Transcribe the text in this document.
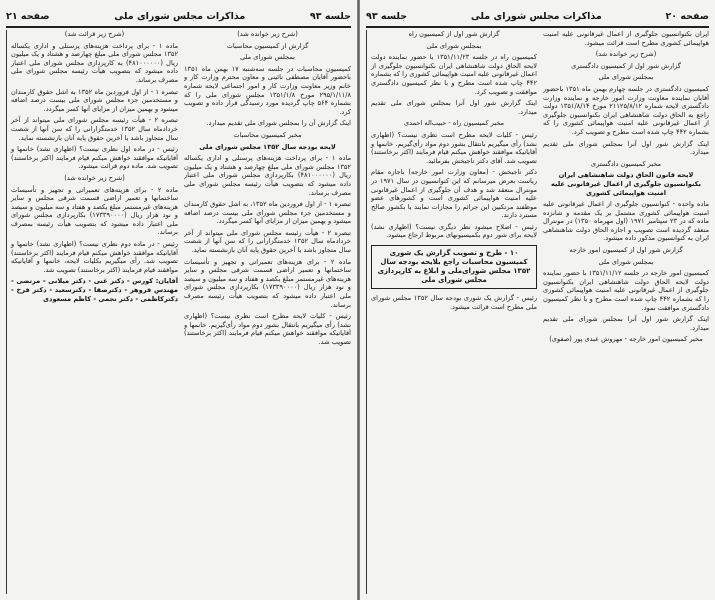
جلسه ۹۳
مذاکرات مجلس شورای ملی
صفحه ۲۱

(شرح زیر خوانده شد)

گزارش از کمیسیون محاسبات

بمجلس شورای ملی

کمیسیون محاسبات در جلسه سه‌شنبه ۱۷ بهمن ماه ۱۳۵۱ باحضور آقایان مصطفی نائینی و معاون محترم وزارت کار و خانم وزیر معاونت وزارت کار و امور اجتماعی لایحه شماره ۲۹۵/۱/۱۱/۸ مورخ ۱۳۵۱/۱/۸ مجلس شورای ملی را که بشماره ۵۶۴ چاپ گردیده مورد رسیدگی قرار داده و تصویب کرد.

اینک گزارش آن را بمجلس شورای ملی تقدیم میدارد.

مخبر کمیسیون محاسبات

لایحه بودجه سال ۱۳۵۲ مجلس شورای ملی

ماده ۱ - برای پرداخت هزینه‌های پرسنلی و اداری یکساله ۱۳۵۲ مجلس شورای ملی مبلغ چهارصد و هشتاد و یک میلیون ریال (۴۸۱۰۰۰۰۰۰) بکارپردازی مجلس شورای ملی اعتبار داده میشود که بتصویب هیأت رئیسه مجلس شورای ملی مصرف برساند.

تبصره ۱ - از اول فروردین ماه ۱۳۵۲، به اشل حقوق کارمندان و مستخدمین جزء مجلس شورای ملی بیست درصد اضافه میشود و بهمین میزان از مزایای آنها کسر میگردد.

تبصره ۲ - هیأت رئیسه مجلس شورای ملی میتواند از آخر خردادماه سال ۱۳۵۲ خدمتگزارانی را که سن آنها از شصت سال متجاوز باشد با آخرین حقوق پایه آنان بازنشسته نماید.

ماده ۲ - برای هزینه‌های تعمیراتی و تجهیز و تأسیسات ساختمانها و تعمیر اراضی قسمت شرقی مجلس و سایر هزینه‌های غیرمستمر مبلغ یکصد و هفتاد و سه میلیون و سیصد و نود هزار ریال (۱۷۳۳۹۰۰۰۰) بکارپردازی مجلس شورای ملی اعتبار داده میشود که بتصویب هیأت رئیسه مصرف برساند.

رئیس - کلیات لایحه مطرح است نظری نیست؟ (اظهاری نشد) رأی میگیریم بانتقال بشور دوم مواد رأی‌گیریم. خانمها و آقایانیکه موافقند خواهش میکنم قیام فرمایند (اکثر برخاستند) تصویب شد.

(شرح زیر قرائت شد)

ماده ۱ - برای پرداخت هزینه‌های پرسنلی و اداری یکساله ۱۳۵۲ مجلس شورای ملی مبلغ چهارصد و هشتاد و یک میلیون ریال (۴۸۱۰۰۰۰۰۰) به کارپردازی مجلس شورای ملی اعتبار داده میشود که بتصویب هیأت رئیسه مجلس شورای ملی مصرف برساند.

تبصره ۱ - از اول فروردین ماه ۱۳۵۲ به اشل حقوق کارمندان و مستخدمین جزء مجلس شورای ملی بیست درصد اضافه میشود و بهمین میزان از مزایای آنها کسر میگردد.

تبصره ۲ - هیأت رئیسه مجلس شورای ملی میتواند از آخر خردادماه سال ۱۳۵۲ خدمتگزارانی را که سن آنها از شصت سال متجاوز باشد با آخرین حقوق پایه آنان بازنشسته نماید.

رئیس - در ماده اول نظری نیست؟ (اظهاری نشد) خانمها و آقایانیکه موافقند خواهش میکنم قیام فرمایند (اکثر برخاستند) تصویب شد. ماده دوم قرائت میشود.

(شرح زیر خوانده شد)

ماده ۲ - برای هزینه‌های تعمیراتی و تجهیز و تأسیسات ساختمانها و تعمیر اراضی قسمت شرقی مجلس و سایر هزینه‌های غیرمستمر مبلغ یکصد و هفتاد و سه میلیون و سیصد و نود هزار ریال (۱۷۳۳۹۰۰۰۰) بکارپردازی مجلس شورای ملی اعتبار داده میشود که بتصویب هیأت رئیسه بمصرف برساند.

رئیس - در ماده دوم نظری نیست؟ (اظهاری نشد) خانمها و آقایانیکه موافقند خواهش میکنم قیام فرمایند (اکثر برخاستند) تصویب شد. رأی میگیریم بکلیات لایحه، خانمها و آقایانیکه موافقند قیام فرمایند (اکثر برخاستند) تصویب شد.

آقایان: کورس - دکتر غنی - دکتر میلانی - مرتضی - مهندس فروهر - دکترصفا - دکترسعید - دکتر فرخ - دکترکاظمی - دکتر نجمی - کاظم مسعودی

صفحه ۲۰
مذاکرات مجلس شورای ملی
جلسه ۹۳

ایران بکنوانسیون جلوگیری از اعمال غیرقانونی علیه امنیت هواپیمائی کشوری مطرح است قرائت میشود.

(شرح زیر خوانده شد)

گزارش شور اول از کمیسیون دادگستری

بمجلس شورای ملی

کمیسیون دادگستری در جلسه چهارم بهمن ماه ۱۳۵۱ باحضور آقایان نماینده معاونت وزارت امور خارجه و نماینده وزارت دادگستری لایحه شماره ۲۱۱۲۵/۸/۱۲ مورخ ۱۳۵۱/۸/۱۴ دولت راجع به الحاق دولت شاهنشاهی ایران بکنوانسیون جلوگیری از اعمال غیرقانونی علیه امنیت هواپیمائی کشوری را که بشماره ۴۴۲ چاپ شده است مطرح و تصویب کرد.

اینک گزارش شور اول آنرا بمجلس شورای ملی تقدیم میدارد.

مخبر کمیسیون دادگستری

لایحه قانون الحاق دولت شاهنشاهی ایران بکنوانسیون جلوگیری از اعمال غیرقانونی علیه امنیت هواپیمائی کشوری

ماده واحده - کنوانسیون جلوگیری از اعمال غیرقانونی علیه امنیت هواپیمائی کشوری مشتمل بر یک مقدمه و شانزده ماده که در ۲۳ سپتامبر ۱۹۷۱ (اول مهرماه ۱۳۵۰) در مونترال منعقد گردیده است تصویب و اجازه الحاق دولت شاهنشاهی ایران به کنوانسیون مذکور داده میشود.

گزارش شور اول از کمیسیون امور خارجه

بمجلس شورای ملی

کمیسیون امور خارجه در جلسه ۱۳۵۱/۱۱/۱۲ با حضور نماینده دولت لایحه الحاق دولت شاهنشاهی ایران بکنوانسیون جلوگیری از اعمال غیرقانونی علیه امنیت هواپیمائی کشوری را که بشماره ۴۴۲ چاپ شده است مطرح و با نظر کمیسیون دادگستری موافقت نمود.

اینک گزارش شور اول آنرا بمجلس شورای ملی تقدیم میدارد.

مخبر کمیسیون امور خارجه - مهروش عبدی پور (صفوی)

گزارش شور اول از کمیسیون راه

بمجلس شورای ملی

کمیسیون راه در جلسه ۱۳۵۱/۱۱/۲۳ با حضور نماینده دولت لایحه الحاق دولت شاهنشاهی ایران بکنوانسیون جلوگیری از اعمال غیرقانونی علیه امنیت هواپیمائی کشوری را که بشماره ۴۴۲ چاپ شده است مطرح و با نظر کمیسیون دادگستری موافقت و تصویب کرد.

اینک گزارش شور اول آنرا بمجلس شورای ملی تقدیم میدارد.

مخبر کمیسیون راه - حبیب‌اله احمدی

رئیس - کلیات لایحه مطرح است نظری نیست؟ (اظهاری نشد) رأی میگیریم بانتقال بشور دوم مواد رأی‌گیریم. خانمها و آقایانیکه موافقند خواهش میکنم قیام فرمایند (اکثر برخاستند) تصویب شد. آقای دکتر تاجبخش بفرمائید.

دکتر تاجبخش - (معاون وزارت امور خارجه) باجازه مقام ریاست بعرض میرسانم که این کنوانسیون در سال ۱۹۷۱ در مونترال منعقد شد و هدف آن جلوگیری از اعمال غیرقانونی علیه امنیت هواپیمائی کشوری است و کشورهای عضو موظفند مرتکبین این جرائم را مجازات نمایند یا بکشور صالح مسترد دارند.

رئیس - اصلاح میشود نظر دیگری نیست؟ (اظهاری نشد) لایحه برای شور دوم بکمیسیونهای مربوط ارجاع میشود.

۱۰ - طرح و تصویب گزارش یک شوری کمیسیون محاسبات راجع بلایحه بودجه سال ۱۳۵۲ مجلس شورای‌ملی و ابلاغ به کارپردازی مجلس شورای ملی

رئیس - گزارش یک شوری بودجه سال ۱۳۵۲ مجلس شورای ملی مطرح است قرائت میشود.
